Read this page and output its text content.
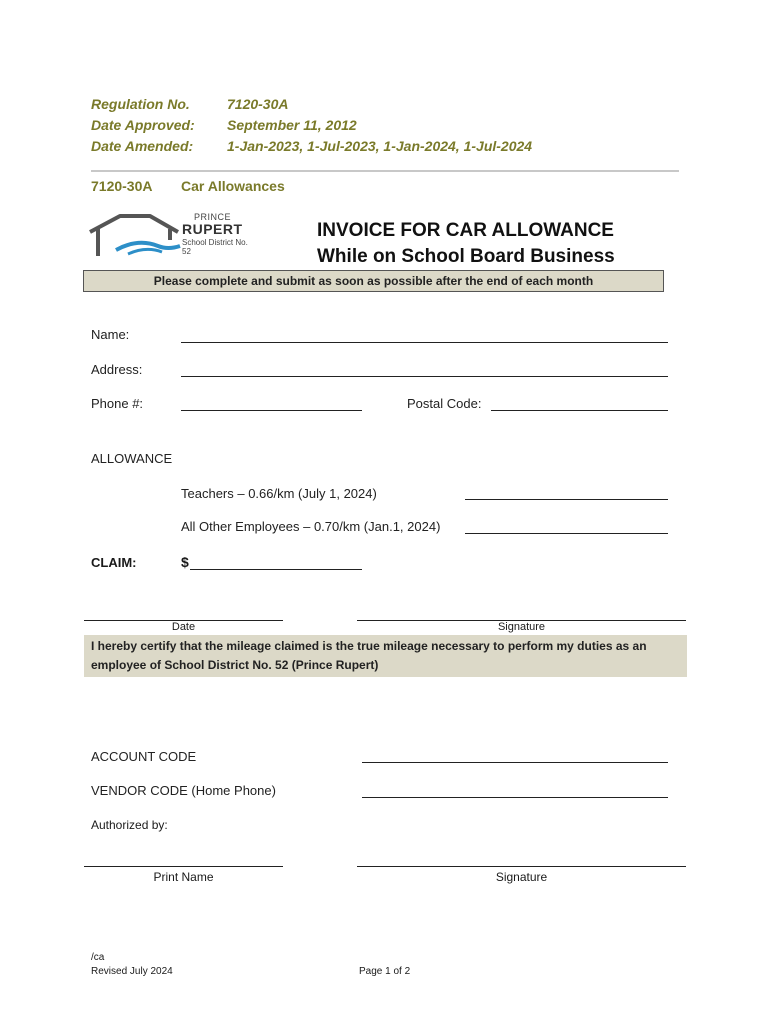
Regulation No.	7120-30A
Date Approved: September 11, 2012
Date Amended: 1-Jan-2023, 1-Jul-2023, 1-Jan-2024, 1-Jul-2024
7120-30A Car Allowances
PRINCE
RUPERT
School District No. 52
INVOICE FOR CAR ALLOWANCE
While on School Board Business
Please complete and submit as soon as possible after the end of each month
Name:
Address:
Phone #:	Postal Code:
ALLOWANCE
Teachers – 0.66/km (July 1, 2024)
All Other Employees – 0.70/km (Jan.1, 2024)
CLAIM:	$
Date	Signature
I hereby certify that the mileage claimed is the true mileage necessary to perform my duties as an
employee of School District No. 52 (Prince Rupert)
ACCOUNT CODE
VENDOR CODE (Home Phone)
Authorized by:
Print Name	Signature
/ca
Revised July 2024	Page 1 of 2
